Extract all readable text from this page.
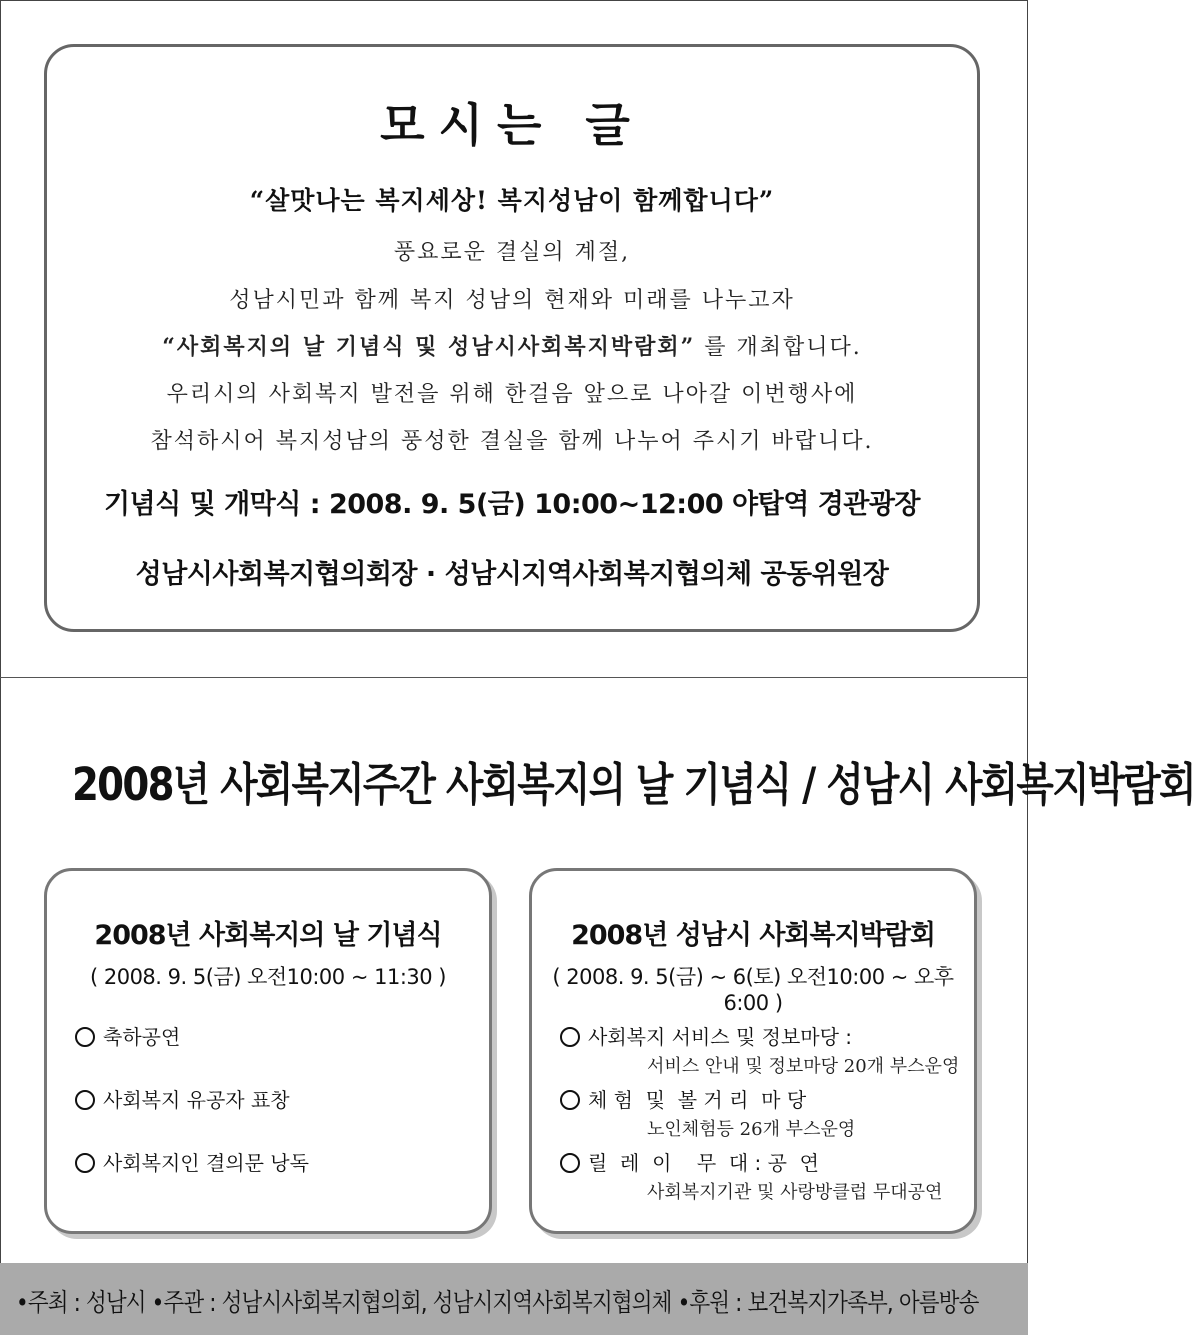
모시는 글
“살맛나는 복지세상! 복지성남이 함께합니다”
풍요로운 결실의 계절,
성남시민과 함께 복지 성남의 현재와 미래를 나누고자
“사회복지의 날 기념식 및 성남시사회복지박람회” 를 개최합니다.
우리시의 사회복지 발전을 위해 한걸음 앞으로 나아갈 이번행사에
참석하시어 복지성남의 풍성한 결실을 함께 나누어 주시기 바랍니다.
기념식 및 개막식 : 2008. 9. 5(금) 10:00~12:00 야탑역 경관광장
성남시사회복지협의회장 · 성남시지역사회복지협의체 공동위원장
2008년 사회복지주간 사회복지의 날 기념식 / 성남시 사회복지박람회
2008년 사회복지의 날 기념식
( 2008. 9. 5(금) 오전10:00 ~ 11:30 )
축하공연
사회복지 유공자 표창
사회복지인 결의문 낭독
2008년 성남시 사회복지박람회
( 2008. 9. 5(금) ~ 6(토) 오전10:00 ~ 오후6:00 )
사회복지 서비스 및 정보마당 :
서비스 안내 및 정보마당 20개 부스운영
체 험  및  볼 거 리  마 당
노인체험등 26개 부스운영
릴  레  이    무  대 : 공  연
사회복지기관 및 사랑방클럽 무대공연
•주최 : 성남시 •주관 : 성남시사회복지협의회, 성남시지역사회복지협의체 •후원 : 보건복지가족부, 아름방송
